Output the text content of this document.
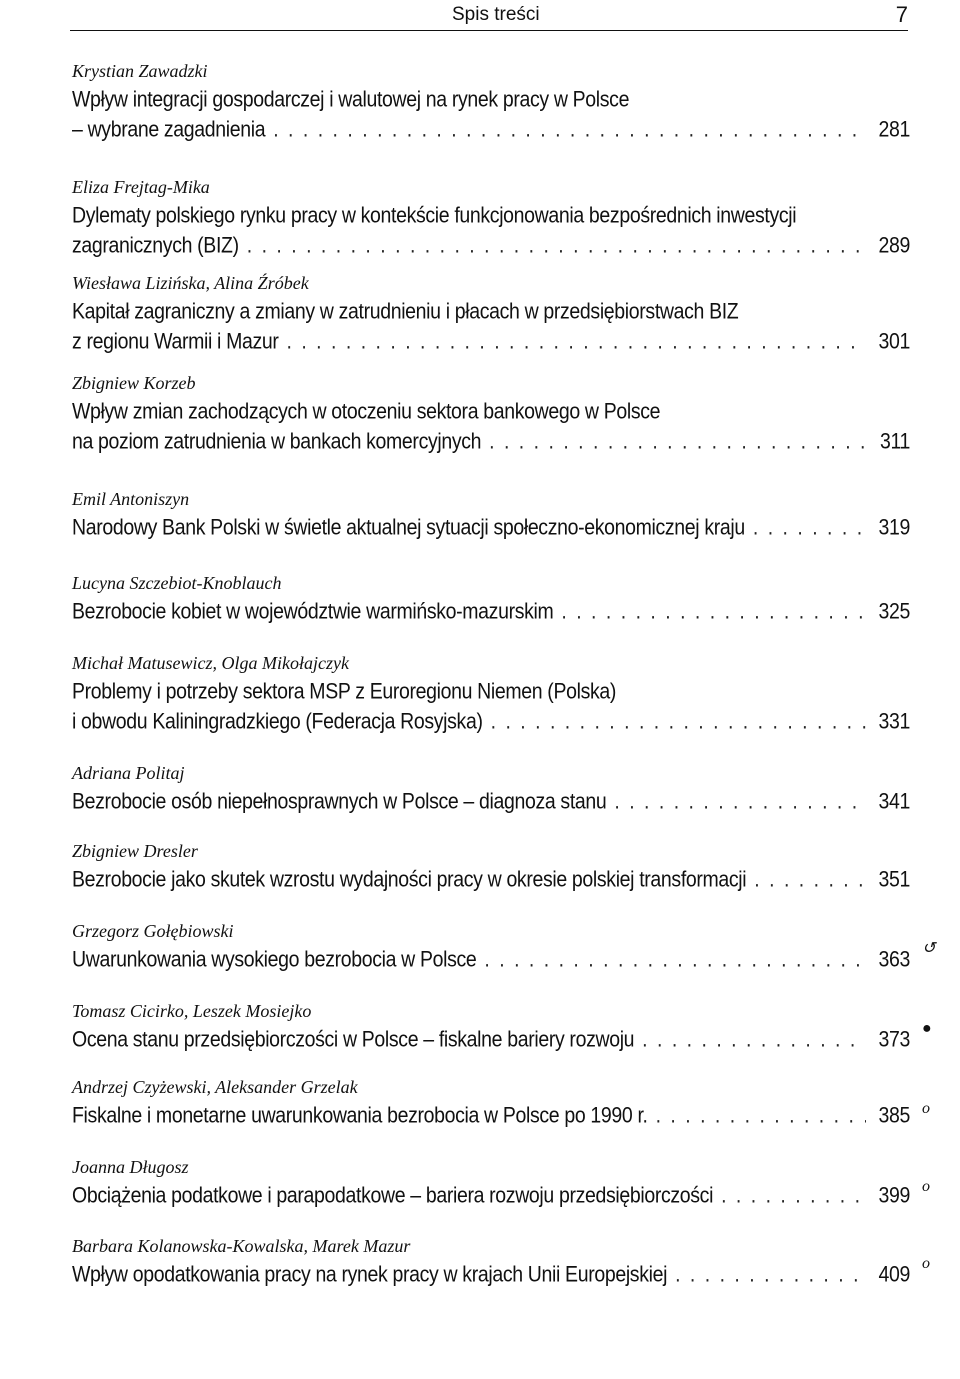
Spis treści	7
Krystian Zawadzki
Wpływ integracji gospodarczej i walutowej na rynek pracy w Polsce
– wybrane zagadnienia . . .	281
Eliza Frejtag-Mika
Dylematy polskiego rynku pracy w kontekście funkcjonowania bezpośrednich inwestycji
zagranicznych (BIZ) . . .	289
Wiesława Lizińska, Alina Źróbek
Kapitał zagraniczny a zmiany w zatrudnieniu i płacach w przedsiębiorstwach BIZ
z regionu Warmii i Mazur . . .	301
Zbigniew Korzeb
Wpływ zmian zachodzących w otoczeniu sektora bankowego w Polsce
na poziom zatrudnienia w bankach komercyjnych . . .	311
Emil Antoniszyn
Narodowy Bank Polski w świetle aktualnej sytuacji społeczno-ekonomicznej kraju . . .	319
Lucyna Szczebiot-Knoblauch
Bezrobocie kobiet w województwie warmińsko-mazurskim . . .	325
Michał Matusewicz, Olga Mikołajczyk
Problemy i potrzeby sektora MSP z Euroregionu Niemen (Polska)
i obwodu Kaliningradzkiego (Federacja Rosyjska) . . .	331
Adriana Politaj
Bezrobocie osób niepełnosprawnych w Polsce – diagnoza stanu . . .	341
Zbigniew Dresler
Bezrobocie jako skutek wzrostu wydajności pracy w okresie polskiej transformacji . . .	351
Grzegorz Gołębiowski
Uwarunkowania wysokiego bezrobocia w Polsce . . .	363
Tomasz Cicirko, Leszek Mosiejko
Ocena stanu przedsiębiorczości w Polsce – fiskalne bariery rozwoju . . .	373
Andrzej Czyżewski, Aleksander Grzelak
Fiskalne i monetarne uwarunkowania bezrobocia w Polsce po 1990 r. . . .	385
Joanna Długosz
Obciążenia podatkowe i parapodatkowe – bariera rozwoju przedsiębiorczości . . .	399
Barbara Kolanowska-Kowalska, Marek Mazur
Wpływ opodatkowania pracy na rynek pracy w krajach Unii Europejskiej . . .	409
↺
●
o
o
o
